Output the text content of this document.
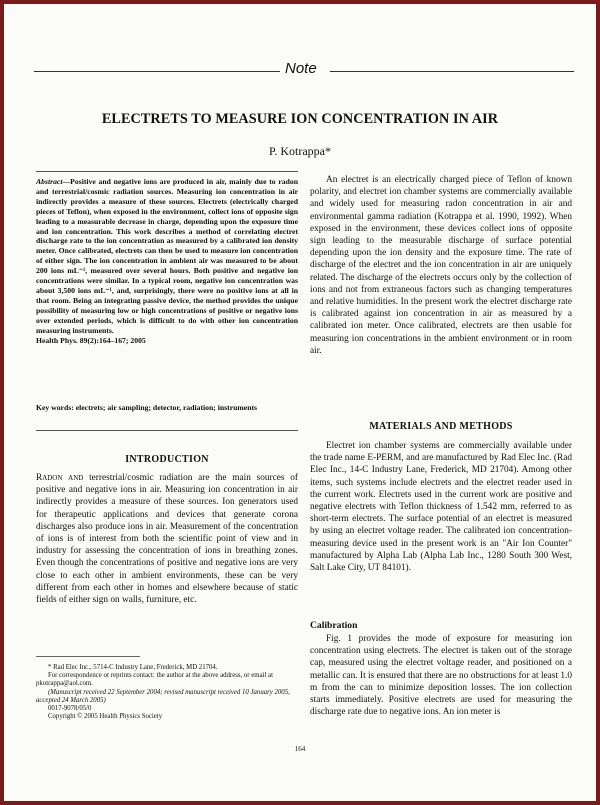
Note
ELECTRETS TO MEASURE ION CONCENTRATION IN AIR
P. Kotrappa*
Abstract—Positive and negative ions are produced in air, mainly due to radon and terrestrial/cosmic radiation sources. Measuring ion concentration in air indirectly provides a measure of these sources. Electrets (electrically charged pieces of Teflon), when exposed in the environment, collect ions of opposite sign leading to a measurable decrease in charge, depending upon the exposure time and ion concentration. This work describes a method of correlating electret discharge rate to the ion concentration as measured by a calibrated ion density meter. Once calibrated, electrets can then be used to measure ion concentration of either sign. The ion concentration in ambient air was measured to be about 200 ions mL⁻¹, measured over several hours. Both positive and negative ion concentrations were similar. In a typical room, negative ion concentration was about 3,500 ions mL⁻¹, and, surprisingly, there were no positive ions at all in that room. Being an integrating passive device, the method provides the unique possibility of measuring low or high concentrations of positive or negative ions over extended periods, which is difficult to do with other ion concentration measuring instruments.
Health Phys. 89(2):164–167; 2005
Key words: electrets; air sampling; detector, radiation; instruments
INTRODUCTION
Radon and terrestrial/cosmic radiation are the main sources of positive and negative ions in air. Measuring ion concentration in air indirectly provides a measure of these sources. Ion generators used for therapeutic applications and devices that generate corona discharges also produce ions in air. Measurement of the concentration of ions is of interest from both the scientific point of view and in industry for assessing the concentration of ions in breathing zones. Even though the concentrations of positive and negative ions are very close to each other in ambient environments, these can be very different from each other in homes and elsewhere because of static fields of either sign on walls, furniture, etc.

* Rad Elec Inc., 5714-C Industry Lane, Frederick, MD 21704.

For correspondence or reprints contact: the author at the above address, or email at pkotrappa@aol.com.

(Manuscript received 22 September 2004; revised manuscript received 10 January 2005, accepted 24 March 2005)

0017-9078/05/0

Copyright © 2005 Health Physics Society

An electret is an electrically charged piece of Teflon of known polarity, and electret ion chamber systems are commercially available and widely used for measuring radon concentration in air and environmental gamma radiation (Kotrappa et al. 1990, 1992). When exposed in the environment, these devices collect ions of opposite sign leading to the measurable discharge of surface potential depending upon the ion density and the exposure time. The rate of discharge of the electret and the ion concentration in air are uniquely related. The discharge of the electrets occurs only by the collection of ions and not from extraneous factors such as changing temperatures and relative humidities. In the present work the electret discharge rate is calibrated against ion concentration in air as measured by a calibrated ion meter. Once calibrated, electrets are then usable for measuring ion concentrations in the ambient environment or in room air.
MATERIALS AND METHODS
Electret ion chamber systems are commercially available under the trade name E-PERM, and are manufactured by Rad Elec Inc. (Rad Elec Inc., 14-C Industry Lane, Frederick, MD 21704). Among other items, such systems include electrets and the electret reader used in the current work. Electrets used in the current work are positive and negative electrets with Teflon thickness of 1.542 mm, referred to as short-term electrets. The surface potential of an electret is measured by using an electret voltage reader. The calibrated ion concentration-measuring device used in the present work is an "Air Ion Counter" manufactured by Alpha Lab (Alpha Lab Inc., 1280 South 300 West, Salt Lake City, UT 84101).
Calibration
Fig. 1 provides the mode of exposure for measuring ion concentration using electrets. The electret is taken out of the storage cap, measured using the electret voltage reader, and positioned on a metallic can. It is ensured that there are no obstructions for at least 1.0 m from the can to minimize deposition losses. The ion collection starts immediately. Positive electrets are used for measuring the discharge rate due to negative ions. An ion meter is
164
